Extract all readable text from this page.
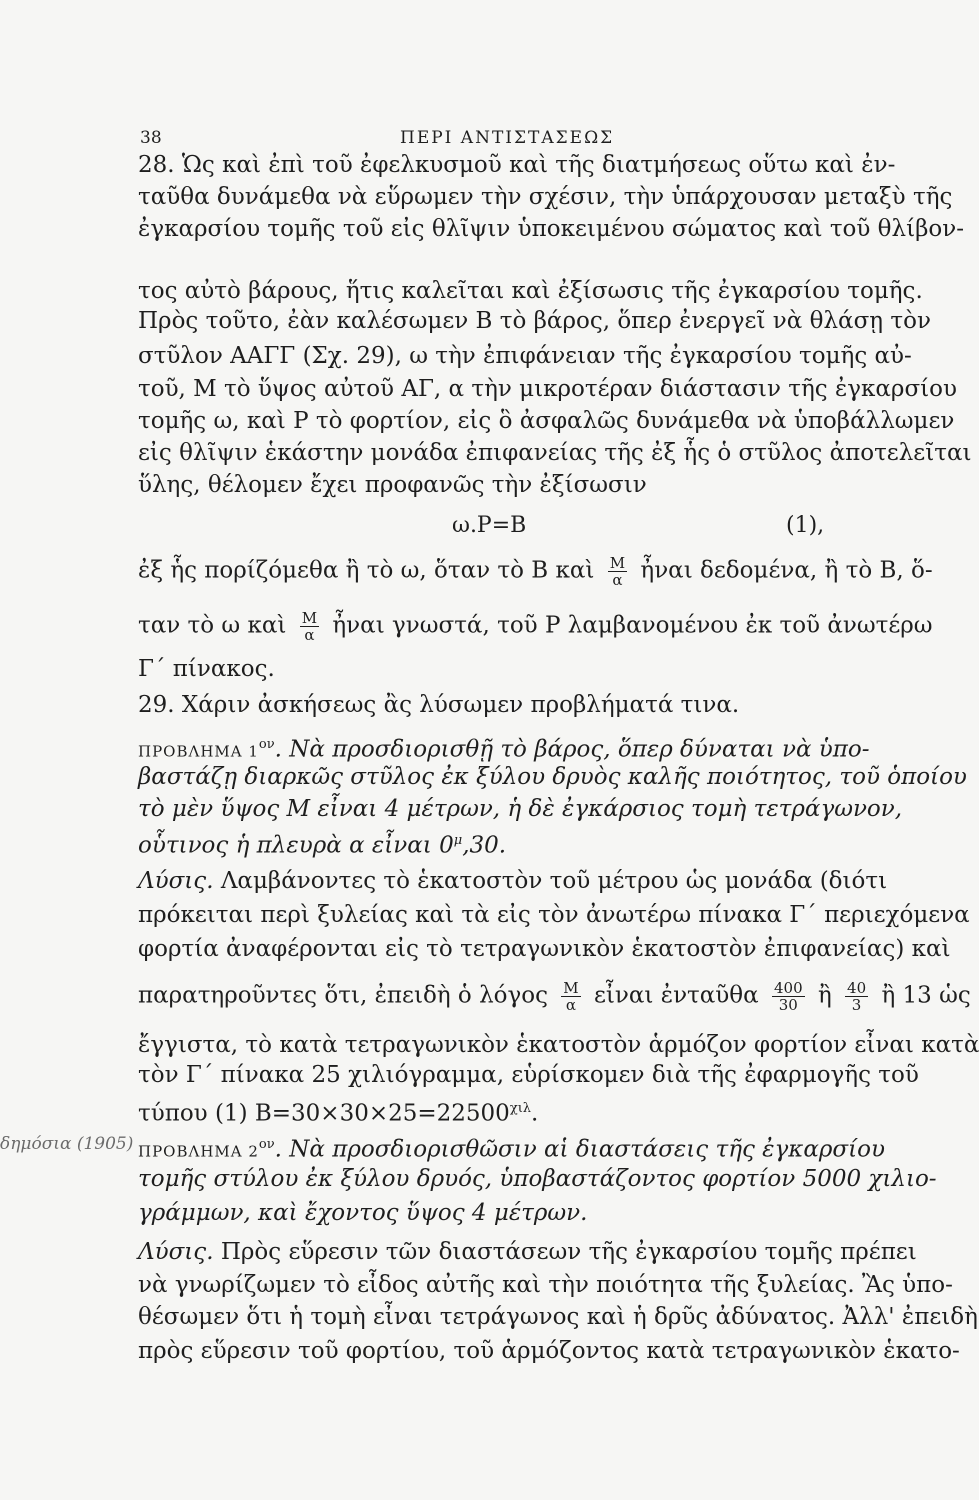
38	ΠΕΡΙ ΑΝΤΙΣΤΑΣΕΩΣ
28. Ὡς καὶ ἐπὶ τοῦ ἐφελκυσμοῦ καὶ τῆς διατμήσεως οὕτω καὶ ἐν-
ταῦθα δυνάμεθα νὰ εὕρωμεν τὴν σχέσιν, τὴν ὑπάρχουσαν μεταξὺ τῆς
ἐγκαρσίου τομῆς τοῦ εἰς θλῖψιν ὑποκειμένου σώματος καὶ τοῦ θλίβον-
τος αὐτὸ βάρους, ἥτις καλεῖται καὶ ἐξίσωσις τῆς ἐγκαρσίου τομῆς.
Πρὸς τοῦτο, ἐὰν καλέσωμεν Β τὸ βάρος, ὅπερ ἐνεργεῖ νὰ θλάσῃ τὸν
στῦλον ΑΑΓΓ (Σχ. 29), ω τὴν ἐπιφάνειαν τῆς ἐγκαρσίου τομῆς αὐ-
τοῦ, Μ τὸ ὕψος αὐτοῦ ΑΓ, α τὴν μικροτέραν διάστασιν τῆς ἐγκαρσίου
τομῆς ω, καὶ Ρ τὸ φορτίον, εἰς ὃ ἀσφαλῶς δυνάμεθα νὰ ὑποβάλλωμεν
εἰς θλῖψιν ἑκάστην μονάδα ἐπιφανείας τῆς ἐξ ἧς ὁ στῦλος ἀποτελεῖται
ὕλης, θέλομεν ἔχει προφανῶς τὴν ἐξίσωσιν
ω.Ρ=Β	(1),
ἐξ ἧς πορίζόμεθα ἢ τὸ ω, ὅταν τὸ Β καὶ $\frac{M}{\alpha}$ ἦναι δεδομένα, ἢ τὸ Β, ὅ-
ταν τὸ ω καὶ $\frac{M}{\alpha}$ ἦναι γνωστά, τοῦ Ρ λαμβανομένου ἐκ τοῦ ἀνωτέρω
Γ΄ πίνακος.
29. Χάριν ἀσκήσεως ἂς λύσωμεν προβλήματά τινα.
ΠΡΟΒΛΗΜΑ $1^{o\nu}$. Νὰ προσδιορισθῇ τὸ βάρος, ὅπερ δύναται νὰ ὑπο-
βαστάζῃ διαρκῶς στῦλος ἐκ ξύλου δρυὸς καλῆς ποιότητος, τοῦ ὁποίου
τὸ μὲν ὕψος Μ εἶναι 4 μέτρων, ἡ δὲ ἐγκάρσιος τομὴ τετράγωνον,
οὗτινος ἡ πλευρὰ α εἶναι $0^\mu,30$.
Λύσις. Λαμβάνοντες τὸ ἑκατοστὸν τοῦ μέτρου ὡς μονάδα (διότι
πρόκειται περὶ ξυλείας καὶ τὰ εἰς τὸν ἀνωτέρω πίνακα Γ΄ περιεχόμενα
φορτία ἀναφέρονται εἰς τὸ τετραγωνικὸν ἑκατοστὸν ἐπιφανείας) καὶ
παρατηροῦντες ὅτι, ἐπειδὴ ὁ λόγος $\frac{M}{\alpha}$ εἶναι ἐνταῦθα $\frac{400}{30}$ ἢ $\frac{40}{3}$ ἢ 13 ὡς
ἔγγιστα, τὸ κατὰ τετραγωνικὸν ἑκατοστὸν ἁρμόζον φορτίον εἶναι κατὰ
τὸν Γ΄ πίνακα 25 χιλιόγραμμα, εὑρίσκομεν διὰ τῆς ἐφαρμογῆς τοῦ
τύπου (1) $B=30\times 30\times 25=22500^{\chi\iota\lambda}$.
δημόσια (1905) ΠΡΟΒΛΗΜΑ $2^{o\nu}$. Νὰ προσδιορισθῶσιν αἱ διαστάσεις τῆς ἐγκαρσίου
τομῆς στύλου ἐκ ξύλου δρυός, ὑποβαστάζοντος φορτίον 5000 χιλιο-
γράμμων, καὶ ἔχοντος ὕψος 4 μέτρων.
Λύσις. Πρὸς εὕρεσιν τῶν διαστάσεων τῆς ἐγκαρσίου τομῆς πρέπει
νὰ γνωρίζωμεν τὸ εἶδος αὐτῆς καὶ τὴν ποιότητα τῆς ξυλείας. Ἂς ὑπο-
θέσωμεν ὅτι ἡ τομὴ εἶναι τετράγωνος καὶ ἡ δρῦς ἀδύνατος. Ἀλλ' ἐπειδὴ
πρὸς εὕρεσιν τοῦ φορτίου, τοῦ ἁρμόζοντος κατὰ τετραγωνικὸν ἑκατο-
